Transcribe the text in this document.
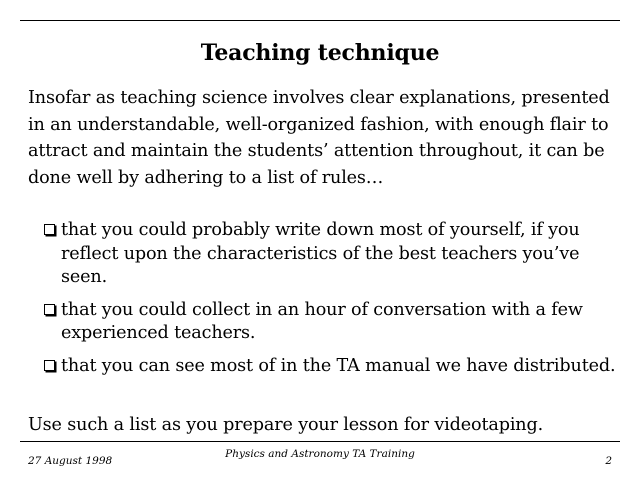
Teaching technique
Insofar as teaching science involves clear explanations, presented in an understandable, well-organized fashion, with enough flair to attract and maintain the students’ attention throughout, it can be done well by adhering to a list of rules…
that you could probably write down most of yourself, if you reflect upon the characteristics of the best teachers you’ve seen.
that you could collect in an hour of conversation with a few experienced teachers.
that you can see most of in the TA manual we have distributed.
Use such a list as you prepare your lesson for videotaping.
27 August 1998
Physics and Astronomy TA Training
2
